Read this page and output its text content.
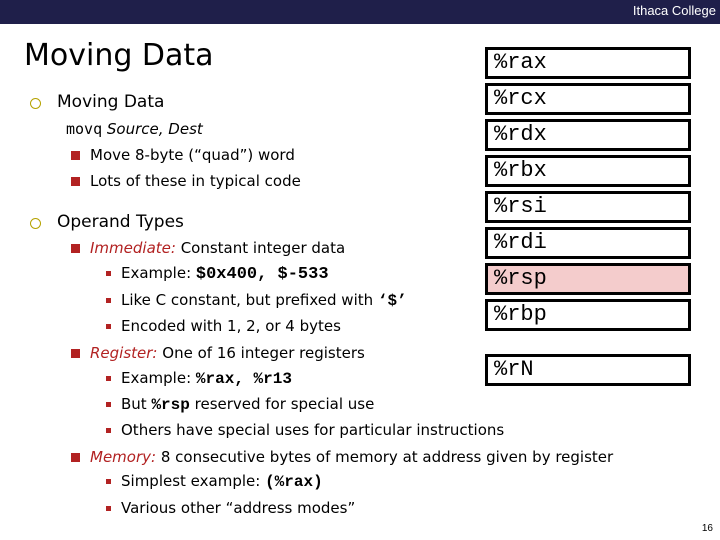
Ithaca College
Moving Data
Moving Data
movq Source, Dest
Move 8-byte (“quad”) word
Lots of these in typical code
Operand Types
Immediate: Constant integer data
Example: $0x400, $-533
Like C constant, but prefixed with ‘$’
Encoded with 1, 2, or 4 bytes
Register: One of 16 integer registers
Example: %rax, %r13
But %rsp reserved for special use
Others have special uses for particular instructions
Memory: 8 consecutive bytes of memory at address given by register
Simplest example: (%rax)
Various other “address modes”
%rax
%rcx
%rdx
%rbx
%rsi
%rdi
%rsp
%rbp
%rN
16
